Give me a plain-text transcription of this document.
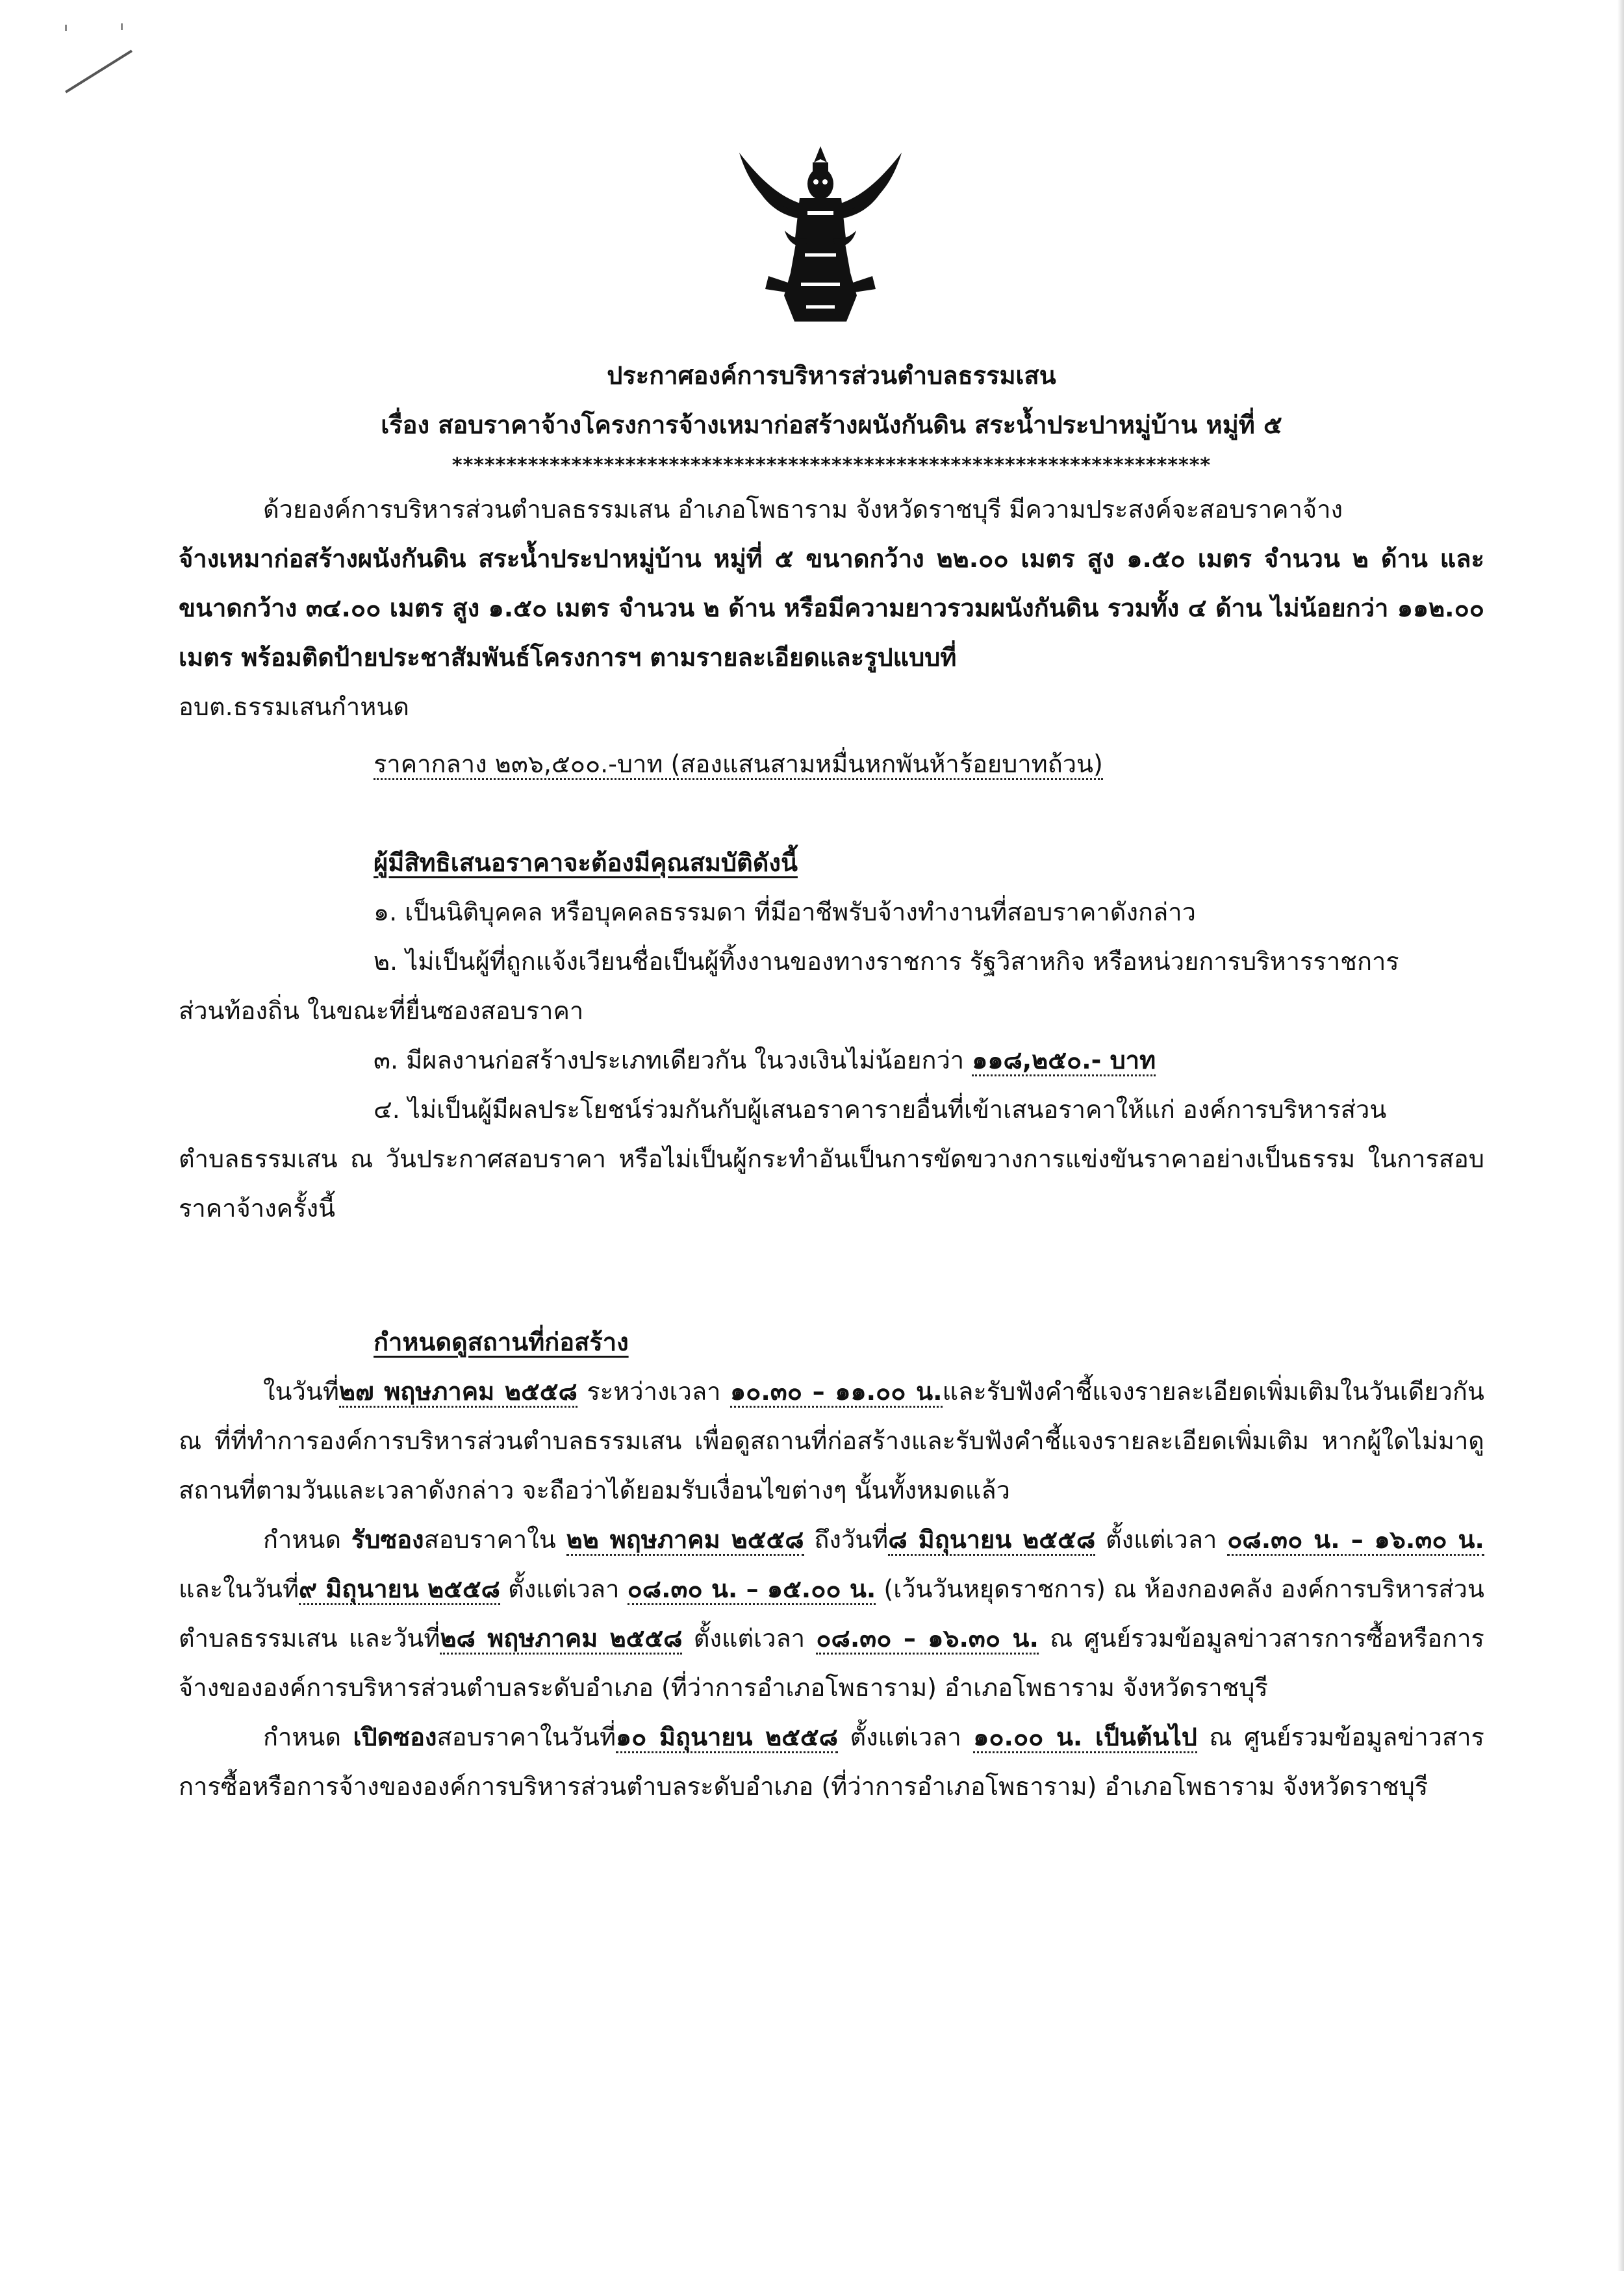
ประกาศองค์การบริหารส่วนตำบลธรรมเสน

เรื่อง สอบราคาจ้างโครงการจ้างเหมาก่อสร้างผนังกันดิน สระน้ำประปาหมู่บ้าน หมู่ที่ ๕

**********************************************************************

ด้วยองค์การบริหารส่วนตำบลธรรมเสน อำเภอโพธาราม จังหวัดราชบุรี มีความประสงค์จะสอบราคาจ้าง
จ้างเหมาก่อสร้างผนังกันดิน สระน้ำประปาหมู่บ้าน หมู่ที่ ๕ ขนาดกว้าง ๒๒.๐๐ เมตร สูง ๑.๕๐ เมตร จำนวน ๒ ด้าน และขนาดกว้าง ๓๔.๐๐ เมตร สูง ๑.๕๐ เมตร จำนวน ๒ ด้าน หรือมีความยาวรวมผนังกันดิน รวมทั้ง ๔ ด้าน ไม่น้อยกว่า ๑๑๒.๐๐ เมตร พร้อมติดป้ายประชาสัมพันธ์โครงการฯ ตามรายละเอียดและรูปแบบที่
อบต.ธรรมเสนกำหนด

ราคากลาง ๒๓๖,๕๐๐.-บาท (สองแสนสามหมื่นหกพันห้าร้อยบาทถ้วน)

ผู้มีสิทธิเสนอราคาจะต้องมีคุณสมบัติดังนี้

๑. เป็นนิติบุคคล หรือบุคคลธรรมดา ที่มีอาชีพรับจ้างทำงานที่สอบราคาดังกล่าว

๒. ไม่เป็นผู้ที่ถูกแจ้งเวียนชื่อเป็นผู้ทิ้งงานของทางราชการ รัฐวิสาหกิจ หรือหน่วยการบริหารราชการ

ส่วนท้องถิ่น ในขณะที่ยื่นซองสอบราคา

๓. มีผลงานก่อสร้างประเภทเดียวกัน ในวงเงินไม่น้อยกว่า ๑๑๘,๒๕๐.- บาท

๔. ไม่เป็นผู้มีผลประโยชน์ร่วมกันกับผู้เสนอราคารายอื่นที่เข้าเสนอราคาให้แก่ องค์การบริหารส่วน

ตำบลธรรมเสน ณ วันประกาศสอบราคา หรือไม่เป็นผู้กระทำอันเป็นการขัดขวางการแข่งขันราคาอย่างเป็นธรรม ในการสอบราคาจ้างครั้งนี้

กำหนดดูสถานที่ก่อสร้าง

ในวันที่๒๗ พฤษภาคม ๒๕๕๘ ระหว่างเวลา ๑๐.๓๐ – ๑๑.๐๐ น.และรับฟังคำชี้แจงรายละเอียดเพิ่มเติมในวันเดียวกัน ณ ที่ที่ทำการองค์การบริหารส่วนตำบลธรรมเสน เพื่อดูสถานที่ก่อสร้างและรับฟังคำชี้แจงรายละเอียดเพิ่มเติม หากผู้ใดไม่มาดูสถานที่ตามวันและเวลาดังกล่าว จะถือว่าได้ยอมรับเงื่อนไขต่างๆ นั้นทั้งหมดแล้ว

กำหนด รับซองสอบราคาใน ๒๒ พฤษภาคม ๒๕๕๘ ถึงวันที่๘ มิถุนายน ๒๕๕๘ ตั้งแต่เวลา ๐๘.๓๐ น. – ๑๖.๓๐ น. และในวันที่๙ มิถุนายน ๒๕๕๘ ตั้งแต่เวลา ๐๘.๓๐ น. – ๑๕.๐๐ น. (เว้นวันหยุดราชการ) ณ ห้องกองคลัง องค์การบริหารส่วนตำบลธรรมเสน และวันที่๒๘ พฤษภาคม ๒๕๕๘ ตั้งแต่เวลา ๐๘.๓๐ – ๑๖.๓๐ น. ณ ศูนย์รวมข้อมูลข่าวสารการซื้อหรือการจ้างขององค์การบริหารส่วนตำบลระดับอำเภอ (ที่ว่าการอำเภอโพธาราม) อำเภอโพธาราม จังหวัดราชบุรี

กำหนด เปิดซองสอบราคาในวันที่๑๐ มิถุนายน ๒๕๕๘ ตั้งแต่เวลา ๑๐.๐๐ น. เป็นต้นไป ณ ศูนย์รวมข้อมูลข่าวสารการซื้อหรือการจ้างขององค์การบริหารส่วนตำบลระดับอำเภอ (ที่ว่าการอำเภอโพธาราม) อำเภอโพธาราม จังหวัดราชบุรี
